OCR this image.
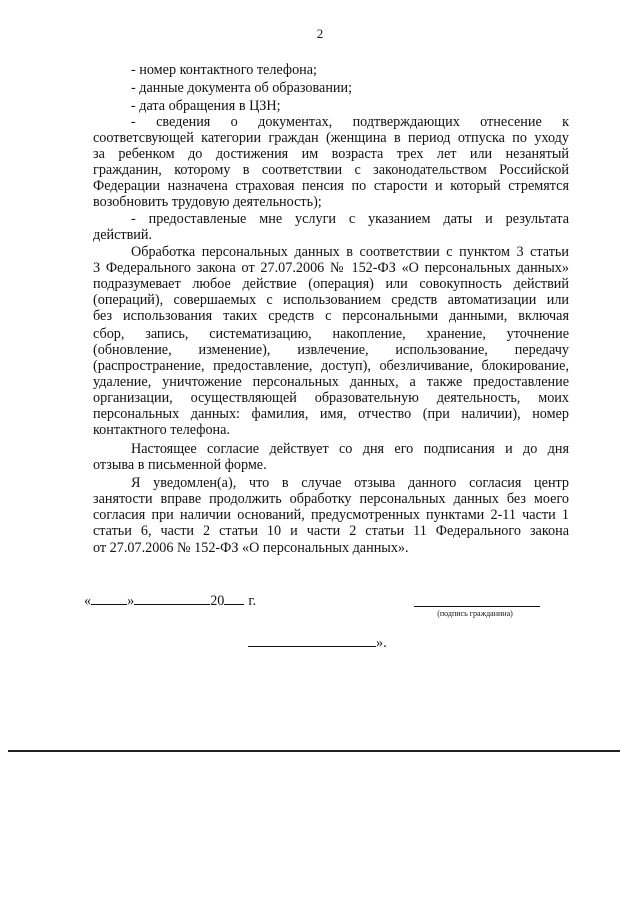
2
- номер контактного телефона;
- данные документа об образовании;
- дата обращения в ЦЗН;
- сведения о документах, подтверждающих отнесение к
соответсвующей категории граждан (женщина в период отпуска по уходу
за ребенком до достижения им возраста трех лет или незанятый
гражданин, которому в соответствии с законодательством Российской
Федерации назначена страховая пенсия по старости и который стремятся
возобновить трудовую деятельность);
- предоставленые мне услуги с указанием даты и результата
действий.
Обработка персональных данных в соответствии с пунктом 3 статьи
3 Федерального закона от 27.07.2006 № 152-ФЗ «О персональных данных»
подразумевает любое действие (операция) или совокупность действий
(операций), совершаемых с использованием средств автоматизации или
без использования таких средств с персональными данными, включая
сбор, запись, систематизацию, накопление, хранение, уточнение
(обновление, изменение), извлечение, использование, передачу
(распространение, предоставление, доступ), обезличивание, блокирование,
удаление, уничтожение персональных данных, а также предоставление
организации, осуществляющей образовательную деятельность, моих
персональных данных: фамилия, имя, отчество (при наличии), номер
контактного телефона.
Настоящее согласие действует со дня его подписания и до дня
отзыва в письменной форме.
Я уведомлен(а), что в случае отзыва данного согласия центр
занятости вправе продолжить обработку персональных данных без моего
согласия при наличии оснований, предусмотренных пунктами 2-11 части 1
статьи 6, части 2 статьи 10 и части 2 статьи 11 Федерального закона
от 27.07.2006 № 152-ФЗ «О персональных данных».
«	»	20 г.
(подпись гражданина)
».
